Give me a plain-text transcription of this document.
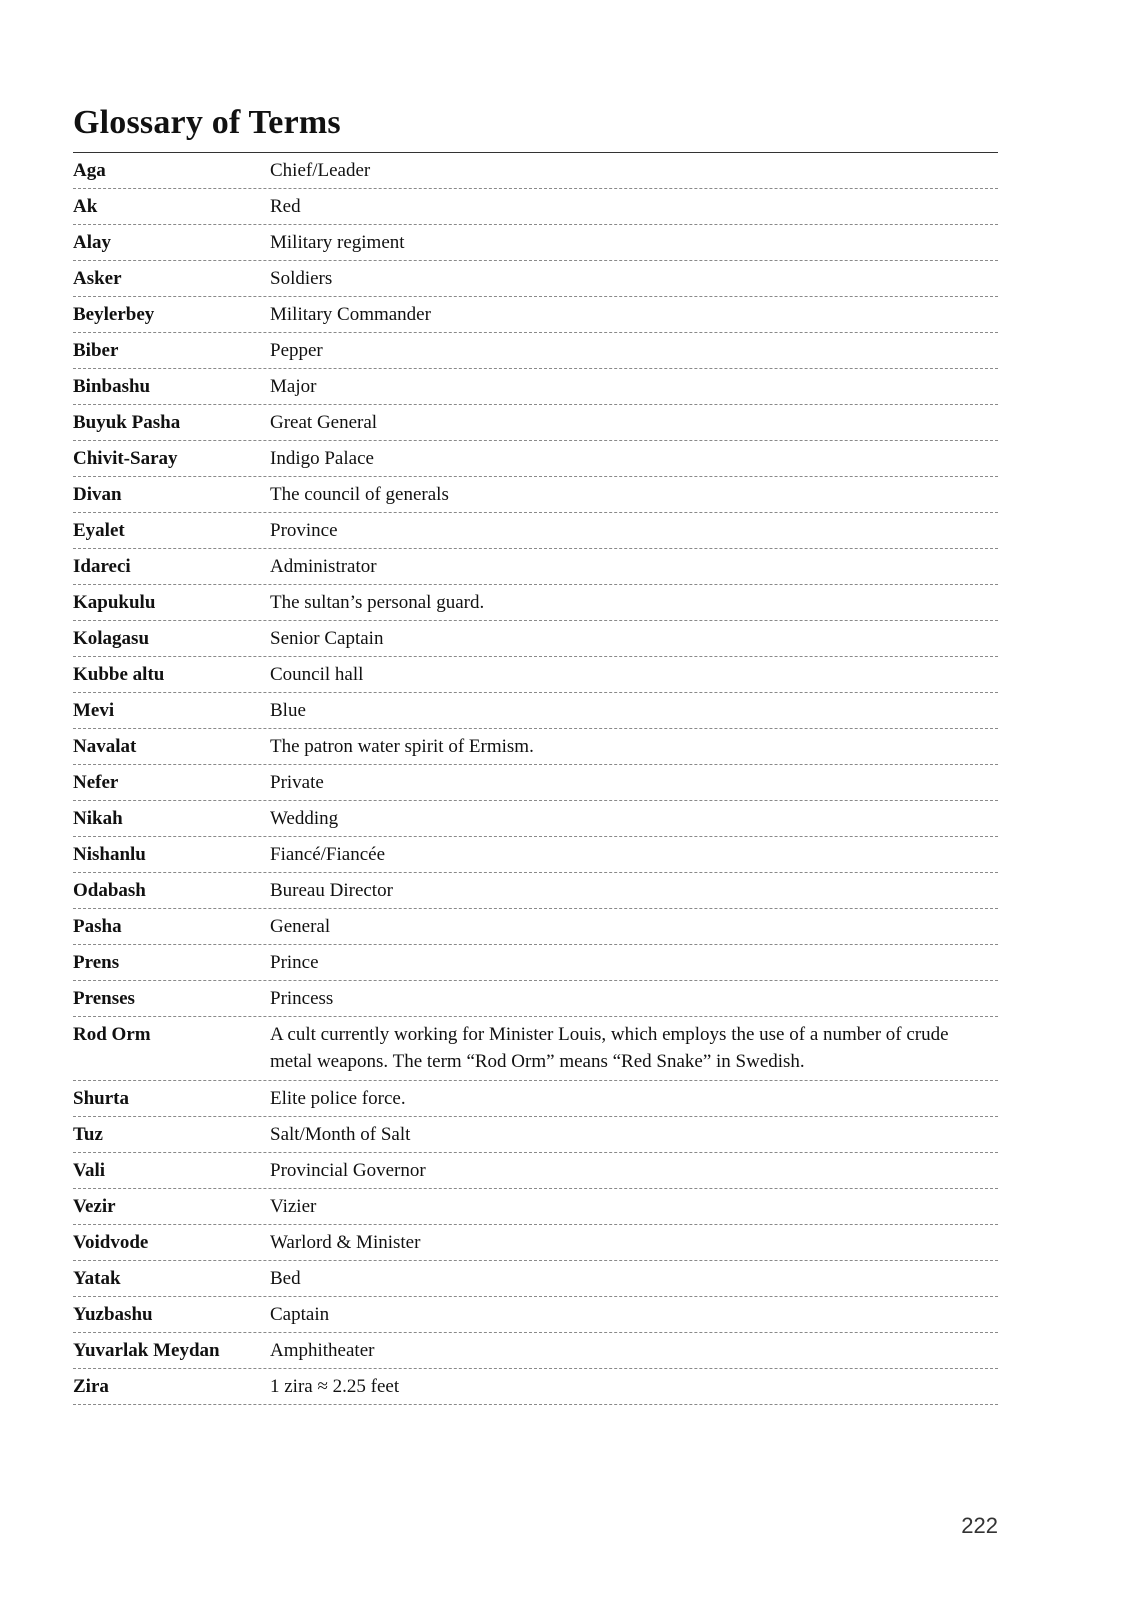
Glossary of Terms
Aga	Chief/Leader
Ak	Red
Alay	Military regiment
Asker	Soldiers
Beylerbey	Military Commander
Biber	Pepper
Binbashu	Major
Buyuk Pasha	Great General
Chivit-Saray	Indigo Palace
Divan	The council of generals
Eyalet	Province
Idareci	Administrator
Kapukulu	The sultan’s personal guard.
Kolagasu	Senior Captain
Kubbe altu	Council hall
Mevi	Blue
Navalat	The patron water spirit of Ermism.
Nefer	Private
Nikah	Wedding
Nishanlu	Fiancé/Fiancée
Odabash	Bureau Director
Pasha	General
Prens	Prince
Prenses	Princess
Rod Orm	A cult currently working for Minister Louis, which employs the use of a number of crude metal weapons. The term “Rod Orm” means “Red Snake” in Swedish.
Shurta	Elite police force.
Tuz	Salt/Month of Salt
Vali	Provincial Governor
Vezir	Vizier
Voidvode	Warlord & Minister
Yatak	Bed
Yuzbashu	Captain
Yuvarlak Meydan	Amphitheater
Zira	1 zira ≈ 2.25 feet
222
